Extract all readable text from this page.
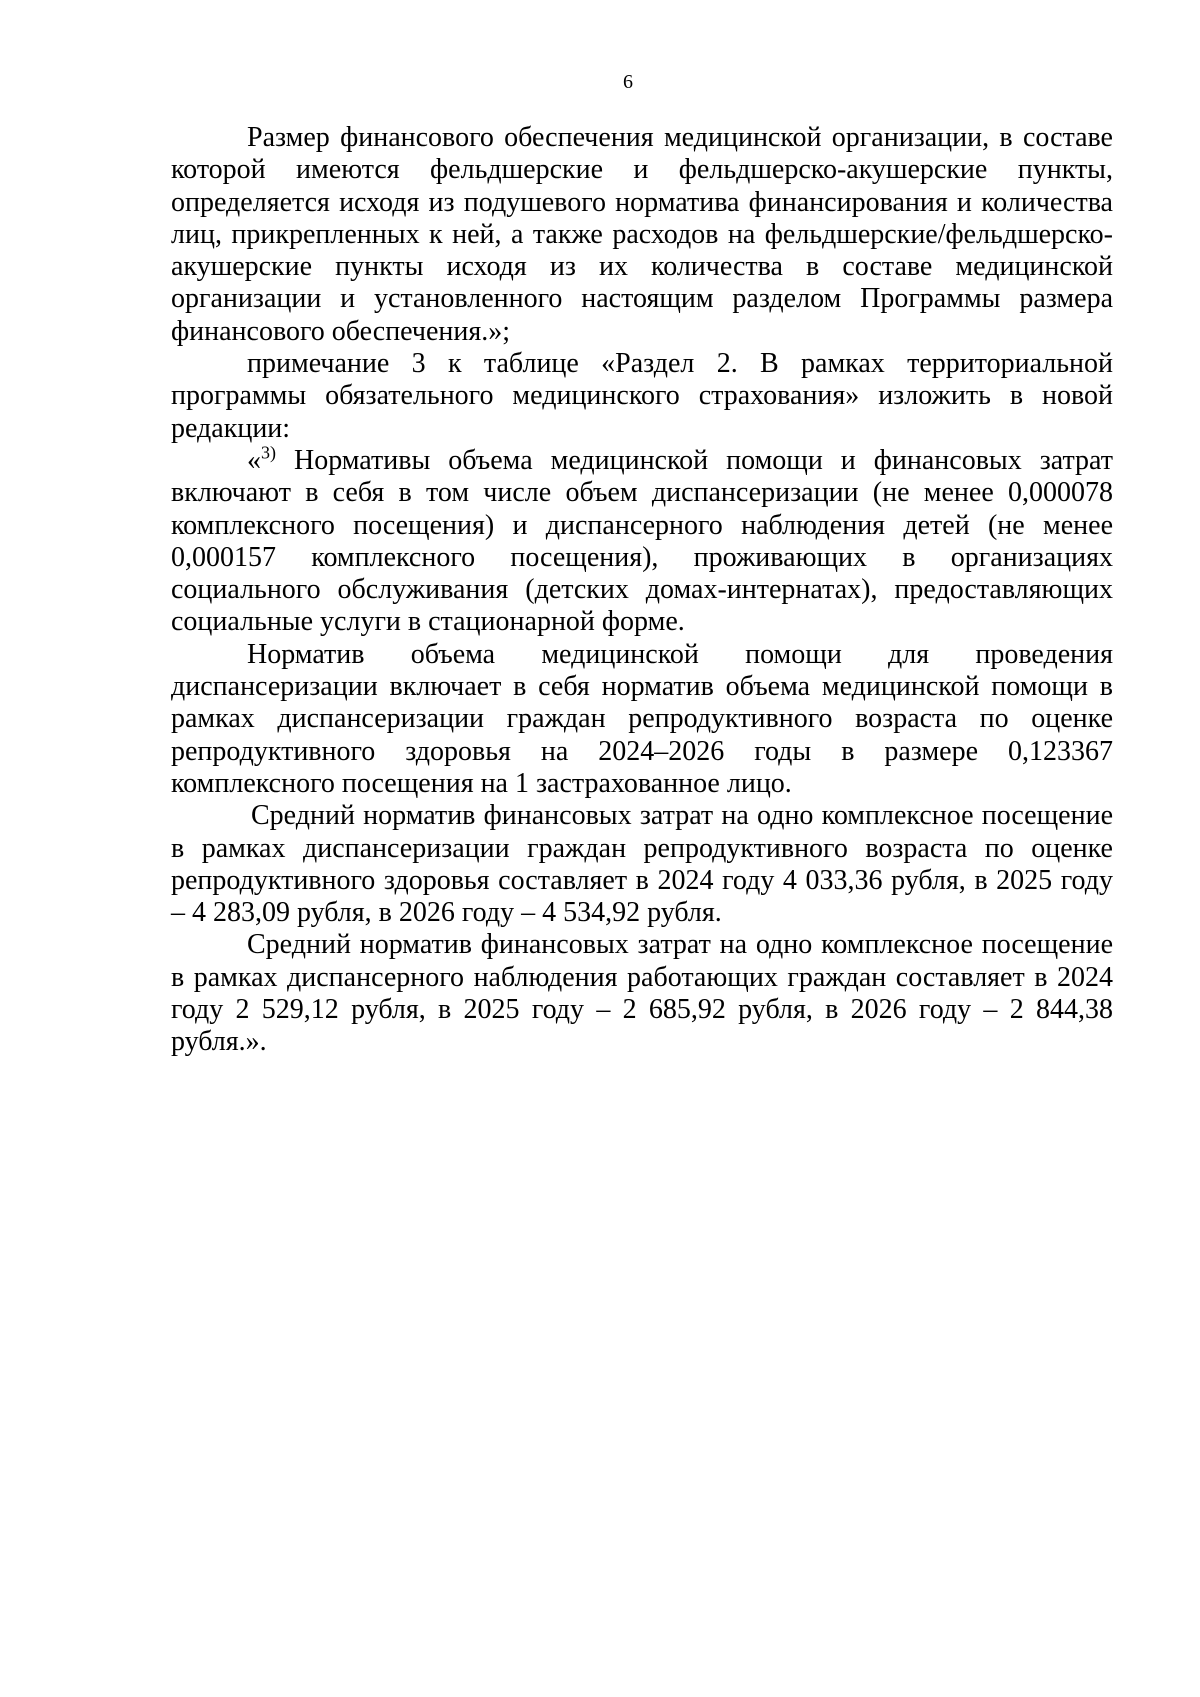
6

Размер финансового обеспечения медицинской организации, в составе которой имеются фельдшерские и фельдшерско-акушерские пункты, определяется исходя из подушевого норматива финансирования и количества лиц, прикрепленных к ней, а также расходов на фельдшерские/фельдшерско-акушерские пункты исходя из их количества в составе медицинской организации и установленного настоящим разделом Программы размера финансового обеспечения.»;

примечание 3 к таблице «Раздел 2. В рамках территориальной программы обязательного медицинского страхования» изложить в новой редакции:

«$^{3)}$ Нормативы объема медицинской помощи и финансовых затрат включают в себя в том числе объем диспансеризации (не менее 0,000078 комплексного посещения) и диспансерного наблюдения детей (не менее 0,000157 комплексного посещения), проживающих в организациях социального обслуживания (детских домах-интернатах), предоставляющих социальные услуги в стационарной форме.

Норматив объема медицинской помощи для проведения диспансеризации включает в себя норматив объема медицинской помощи в рамках диспансеризации граждан репродуктивного возраста по оценке репродуктивного здоровья на 2024–2026 годы в размере 0,123367 комплексного посещения на 1 застрахованное лицо.

Средний норматив финансовых затрат на одно комплексное посещение в рамках диспансеризации граждан репродуктивного возраста по оценке репродуктивного здоровья составляет в 2024 году 4 033,36 рубля, в 2025 году – 4 283,09 рубля, в 2026 году – 4 534,92 рубля.

Средний норматив финансовых затрат на одно комплексное посещение в рамках диспансерного наблюдения работающих граждан составляет в 2024 году 2 529,12 рубля, в 2025 году – 2 685,92 рубля, в 2026 году – 2 844,38 рубля.».
